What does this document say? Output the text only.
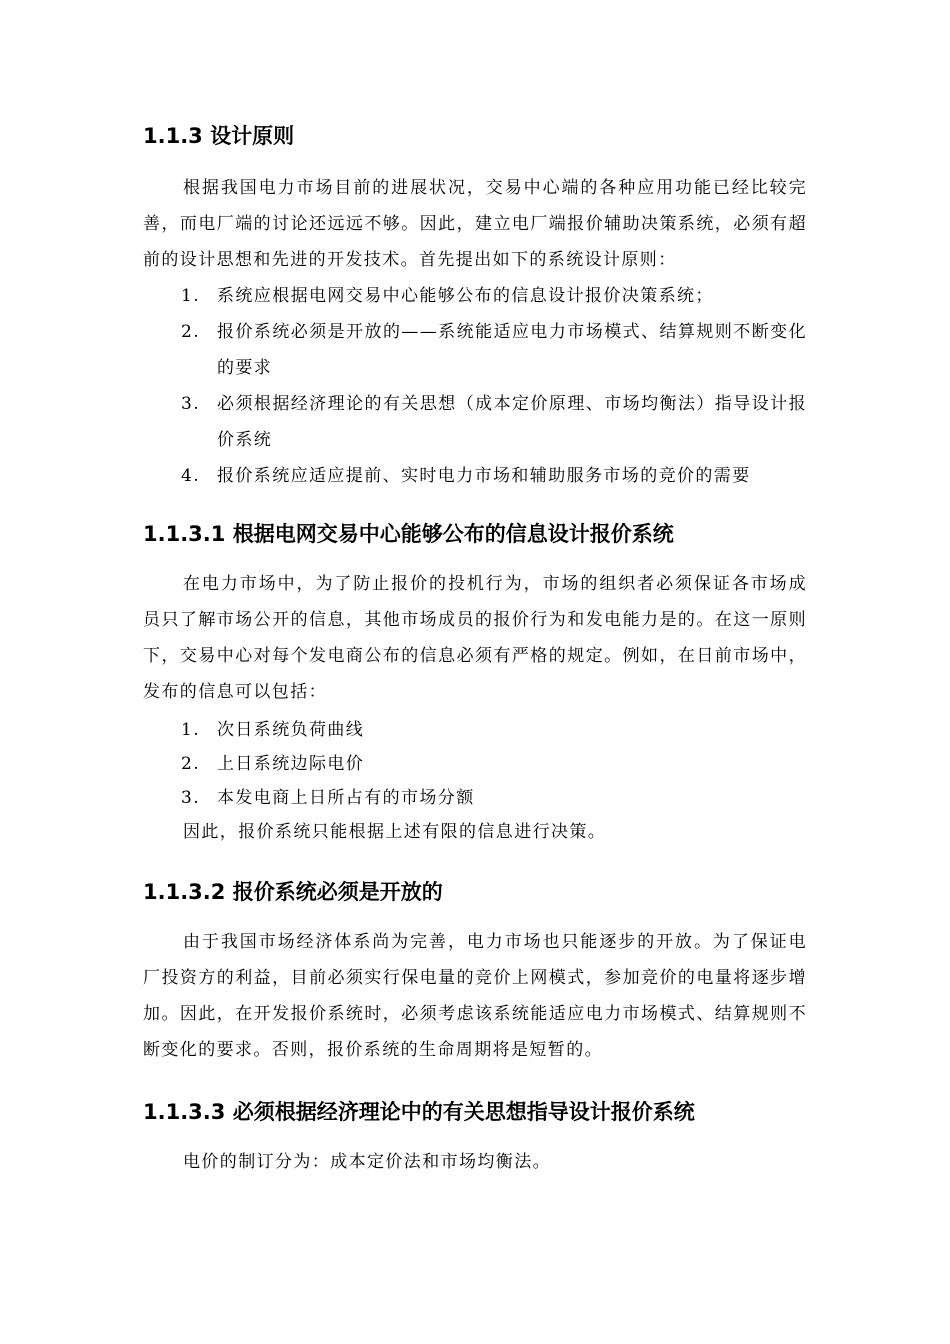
1.1.3 设计原则

根据我国电力市场目前的进展状况，交易中心端的各种应用功能已经比较完善，而电厂端的讨论还远远不够。因此，建立电厂端报价辅助决策系统，必须有超前的设计思想和先进的开发技术。首先提出如下的系统设计原则：

1. 系统应根据电网交易中心能够公布的信息设计报价决策系统；
2. 报价系统必须是开放的——系统能适应电力市场模式、结算规则不断变化的要求
3. 必须根据经济理论的有关思想（成本定价原理、市场均衡法）指导设计报价系统
4. 报价系统应适应提前、实时电力市场和辅助服务市场的竞价的需要
1.1.3.1 根据电网交易中心能够公布的信息设计报价系统

在电力市场中，为了防止报价的投机行为，市场的组织者必须保证各市场成员只了解市场公开的信息，其他市场成员的报价行为和发电能力是的。在这一原则下，交易中心对每个发电商公布的信息必须有严格的规定。例如，在日前市场中，发布的信息可以包括：

1. 次日系统负荷曲线
2. 上日系统边际电价
3. 本发电商上日所占有的市场分额

因此，报价系统只能根据上述有限的信息进行决策。

1.1.3.2 报价系统必须是开放的

由于我国市场经济体系尚为完善，电力市场也只能逐步的开放。为了保证电厂投资方的利益，目前必须实行保电量的竞价上网模式，参加竞价的电量将逐步增加。因此，在开发报价系统时，必须考虑该系统能适应电力市场模式、结算规则不断变化的要求。否则，报价系统的生命周期将是短暂的。

1.1.3.3 必须根据经济理论中的有关思想指导设计报价系统

电价的制订分为：成本定价法和市场均衡法。
